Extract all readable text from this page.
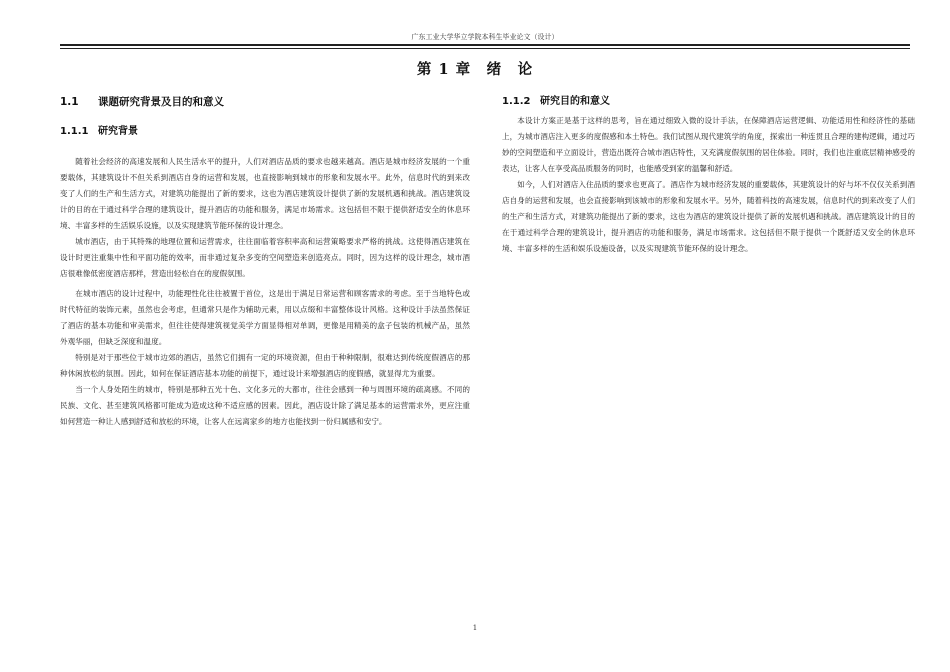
广东工业大学华立学院本科生毕业论文（设计）
第 1 章　绪　论
1.1 课题研究背景及目的和意义
1.1.1 研究背景

随着社会经济的高速发展和人民生活水平的提升，人们对酒店品质的要求也越来越高。酒店是城市经济发展的一个重要载体，其建筑设计不但关系到酒店自身的运营和发展，也直接影响到城市的形象和发展水平。此外，信息时代的到来改变了人们的生产和生活方式，对建筑功能提出了新的要求，这也为酒店建筑设计提供了新的发展机遇和挑战。酒店建筑设计的目的在于通过科学合理的建筑设计，提升酒店的功能和服务，满足市场需求。这包括但不限于提供舒适安全的休息环境、丰富多样的生活娱乐设施，以及实现建筑节能环保的设计理念。

城市酒店，由于其特殊的地理位置和运营需求，往往面临着容积率高和运营策略要求严格的挑战。这使得酒店建筑在设计时更注重集中性和平面功能的效率，而非通过复杂多变的空间塑造来创造亮点。同时，因为这样的设计理念，城市酒店很难像低密度酒店那样，营造出轻松自在的度假氛围。

在城市酒店的设计过程中，功能理性化往往被置于首位，这是出于满足日常运营和顾客需求的考虑。至于当地特色或时代特征的装饰元素，虽然也会考虑，但通常只是作为辅助元素，用以点缀和丰富整体设计风格。这种设计手法虽然保证了酒店的基本功能和审美需求，但往往使得建筑视觉美学方面显得相对单调，更像是用精美的盒子包装的机械产品，虽然外观华丽，但缺乏深度和温度。

特别是对于那些位于城市边郊的酒店，虽然它们拥有一定的环境资源，但由于种种限制，很难达到传统度假酒店的那种休闲放松的氛围。因此，如何在保证酒店基本功能的前提下，通过设计来增强酒店的度假感，就显得尤为重要。

当一个人身处陌生的城市，特别是那种五光十色、文化多元的大都市，往往会感到一种与周围环境的疏离感。不同的民族、文化、甚至建筑风格都可能成为造成这种不适应感的因素。因此，酒店设计除了满足基本的运营需求外，更应注重如何营造一种让人感到舒适和放松的环境，让客人在远离家乡的地方也能找到一份归属感和安宁。

1.1.2 研究目的和意义

本设计方案正是基于这样的思考，旨在通过细致入微的设计手法，在保障酒店运营逻辑、功能适用性和经济性的基础上，为城市酒店注入更多的度假感和本土特色。我们试图从现代建筑学的角度，探索出一种连贯且合理的建构逻辑，通过巧妙的空间塑造和平立面设计，营造出既符合城市酒店特性，又充满度假氛围的居住体验。同时，我们也注重底层精神感受的表达，让客人在享受高品质服务的同时，也能感受到家的温馨和舒适。

如今，人们对酒店入住品质的要求也更高了。酒店作为城市经济发展的重要载体，其建筑设计的好与坏不仅仅关系到酒店自身的运营和发展，也会直接影响到该城市的形象和发展水平。另外，随着科技的高速发展，信息时代的到来改变了人们的生产和生活方式，对建筑功能提出了新的要求，这也为酒店的建筑设计提供了新的发展机遇和挑战。酒店建筑设计的目的在于通过科学合理的建筑设计，提升酒店的功能和服务，满足市场需求。这包括但不限于提供一个既舒适又安全的休息环境、丰富多样的生活和娱乐设施设备，以及实现建筑节能环保的设计理念。

1
